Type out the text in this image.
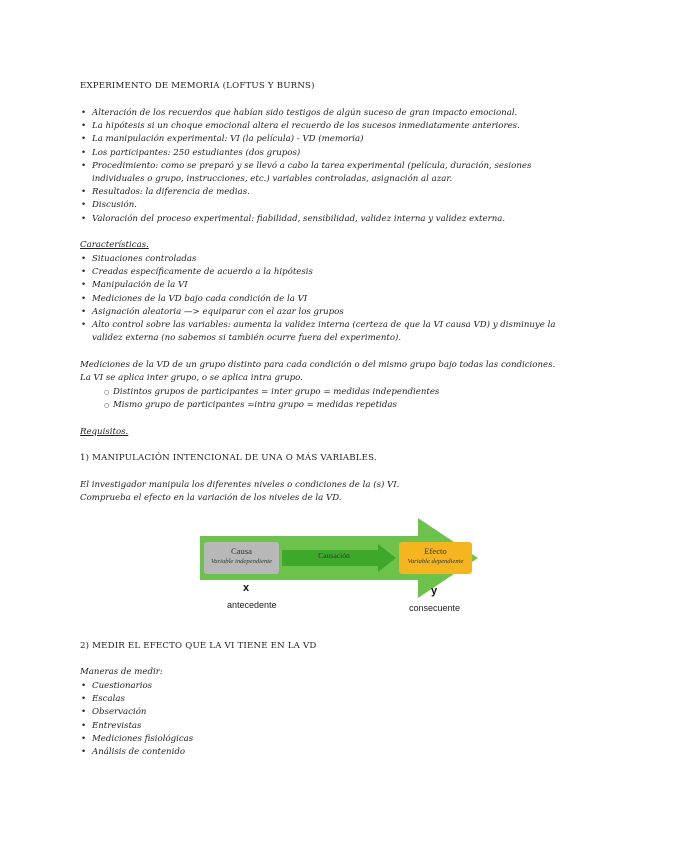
EXPERIMENTO DE MEMORIA (LOFTUS Y BURNS)
• Alteración de los recuerdos que habían sido testigos de algún suceso de gran impacto emocional.
• La hipótesis si un choque emocional altera el recuerdo de los sucesos inmediatamente anteriores.
• La manipulación experimental: VI (la película) - VD (memoria)
• Los participantes: 250 estudiantes (dos grupos)
• Procedimiento: como se preparó y se llevó a cabo la tarea experimental (película, duración, sesiones
individuales o grupo, instrucciones, etc.) variables controladas, asignación al azar.
• Resultados: la diferencia de medias.
• Discusión.
• Valoración del proceso experimental: fiabilidad, sensibilidad, validez interna y validez externa.
Características.
• Situaciones controladas
• Creadas específicamente de acuerdo a la hipótesis
• Manipulación de la VI
• Mediciones de la VD bajo cada condición de la VI
• Asignación aleatoria —> equiparar con el azar los grupos
• Alto control sobre las variables: aumenta la validez interna (certeza de que la VI causa VD) y disminuye la
validez externa (no sabemos si también ocurre fuera del experimento).
Mediciones de la VD de un grupo distinto para cada condición o del mismo grupo bajo todas las condiciones.
La VI se aplica inter grupo, o se aplica intra grupo.
○ Distintos grupos de participantes = inter grupo = medidas independientes
○ Mismo grupo de participantes =intra grupo = medidas repetidas
Requisitos.
1) MANIPULACIÓN INTENCIONAL DE UNA O MÁS VARIABLES.
El investigador manipula los diferentes niveles o condiciones de la (s) VI.
Comprueba el efecto en la variación de los niveles de la VD.
Causa
Variable independiente
Causación	Efecto
Variable dependiente
x	y
antecedente	consecuente
2) MEDIR EL EFECTO QUE LA VI TIENE EN LA VD
Maneras de medir:
• Cuestionarios
• Escalas
• Observación
• Entrevistas
• Mediciones fisiológicas
• Análisis de contenido
